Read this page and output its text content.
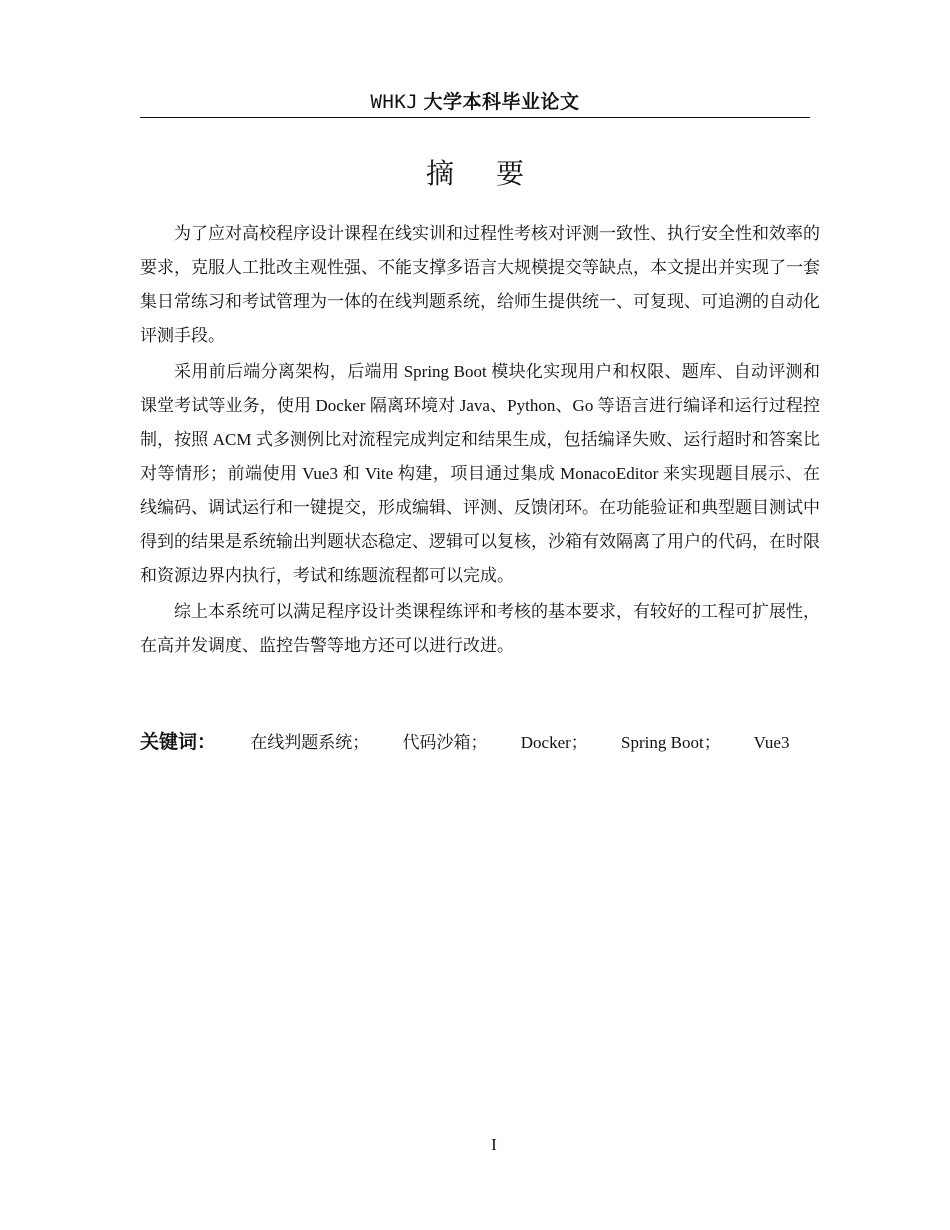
WHKJ 大学本科毕业论文
摘要

为了应对高校程序设计课程在线实训和过程性考核对评测一致性、执行安全性和效率的要求，克服人工批改主观性强、不能支撑多语言大规模提交等缺点，本文提出并实现了一套集日常练习和考试管理为一体的在线判题系统，给师生提供统一、可复现、可追溯的自动化评测手段。

采用前后端分离架构，后端用 Spring Boot 模块化实现用户和权限、题库、自动评测和课堂考试等业务，使用 Docker 隔离环境对 Java、Python、Go 等语言进行编译和运行过程控制，按照 ACM 式多测例比对流程完成判定和结果生成，包括编译失败、运行超时和答案比对等情形；前端使用 Vue3 和 Vite 构建，项目通过集成 MonacoEditor 来实现题目展示、在线编码、调试运行和一键提交，形成编辑、评测、反馈闭环。在功能验证和典型题目测试中得到的结果是系统输出判题状态稳定、逻辑可以复核，沙箱有效隔离了用户的代码，在时限和资源边界内执行，考试和练题流程都可以完成。

综上本系统可以满足程序设计类课程练评和考核的基本要求，有较好的工程可扩展性，在高并发调度、监控告警等地方还可以进行改进。

关键词： 在线判题系统； 代码沙箱； Docker； Spring Boot； Vue3
I
